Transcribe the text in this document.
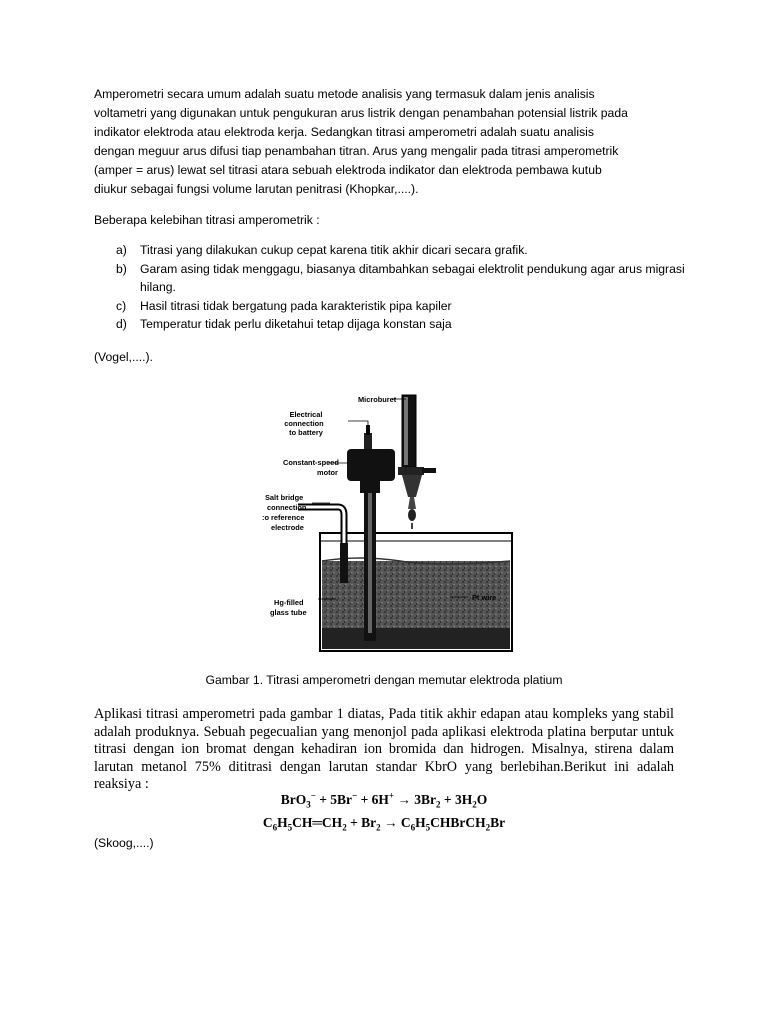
Amperometri secara umum adalah suatu metode analisis yang termasuk dalam jenis analisis
voltametri yang digunakan untuk pengukuran arus listrik dengan penambahan potensial listrik pada
indikator elektroda atau elektroda kerja. Sedangkan titrasi amperometri adalah suatu analisis
dengan meguur arus difusi tiap penambahan titran. Arus yang mengalir pada titrasi amperometrik
(amper = arus) lewat sel titrasi atara sebuah elektroda indikator dan elektroda pembawa kutub
diukur sebagai fungsi volume larutan penitrasi (Khopkar,....).
Beberapa kelebihan titrasi amperometrik :
a) Titrasi yang dilakukan cukup cepat karena titik akhir dicari secara grafik.
b) Garam asing tidak menggagu, biasanya ditambahkan sebagai elektrolit pendukung agar arus migrasi hilang.
c) Hasil titrasi tidak bergatung pada karakteristik pipa kapiler
d) Temperatur tidak perlu diketahui tetap dijaga konstan saja
(Vogel,....).
Microburet
Electrical
connection
to battery
Constant-speed
motor
Salt bridge
connection
:o reference
electrode
Pt wire
Hg-filled
glass tube
Gambar 1. Titrasi amperometri dengan memutar elektroda platium
Aplikasi titrasi amperometri pada gambar 1 diatas, Pada titik akhir edapan atau kompleks yang stabil adalah produknya. Sebuah pegecualian yang menonjol pada aplikasi elektroda platina berputar untuk titrasi dengan ion bromat dengan kehadiran ion bromida dan hidrogen. Misalnya, stirena dalam larutan metanol 75% dititrasi dengan larutan standar KbrO yang berlebihan.Berikut ini adalah reaksiya :
$BrO_3^- + 5Br^- + 6H^+ \to 3Br_2 + 3H_2O$
$C_6H_5CH═CH_2 + Br_2$ → $C_6H_5CHBrCH_2Br$
(Skoog,....)
